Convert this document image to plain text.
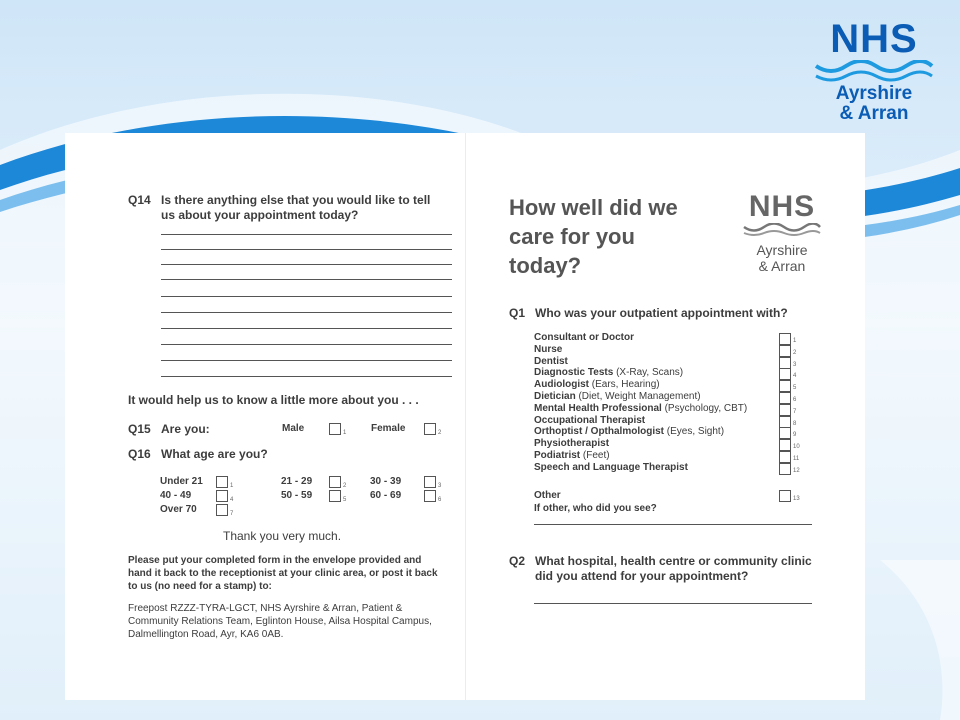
NHS
Ayrshire
& Arran
Q14 Is there anything else that you would like to tell
us about your appointment today?
It would help us to know a little more about you . . .
Q15 Are you:	Male	1 Female	2
Q16 What age are you?
Under 21	1	21 - 29	2 30 - 39	3
40 - 49	4	50 - 59	5 60 - 69	6
Over 70	7
Thank you very much.
Please put your completed form in the envelope provided and
hand it back to the receptionist at your clinic area, or post it back
to us (no need for a stamp) to:
Freepost RZZZ-TYRA-LGCT, NHS Ayrshire & Arran, Patient &
Community Relations Team, Eglinton House, Ailsa Hospital Campus,
Dalmellington Road, Ayr, KA6 0AB.
How well did we
care for you
today?
NHS
Ayrshire
& Arran
Q1 Who was your outpatient appointment with?
Consultant or Doctor	1
Nurse	2
Dentist	3
Diagnostic Tests (X-Ray, Scans)	4
Audiologist (Ears, Hearing)	5
Dietician (Diet, Weight Management)	6
Mental Health Professional (Psychology, CBT)	7
Occupational Therapist	8
Orthoptist / Opthalmologist (Eyes, Sight)	9
Physiotherapist	10
Podiatrist (Feet)	11
Speech and Language Therapist	12
Other	13
If other, who did you see?
Q2 What hospital, health centre or community clinic
did you attend for your appointment?
